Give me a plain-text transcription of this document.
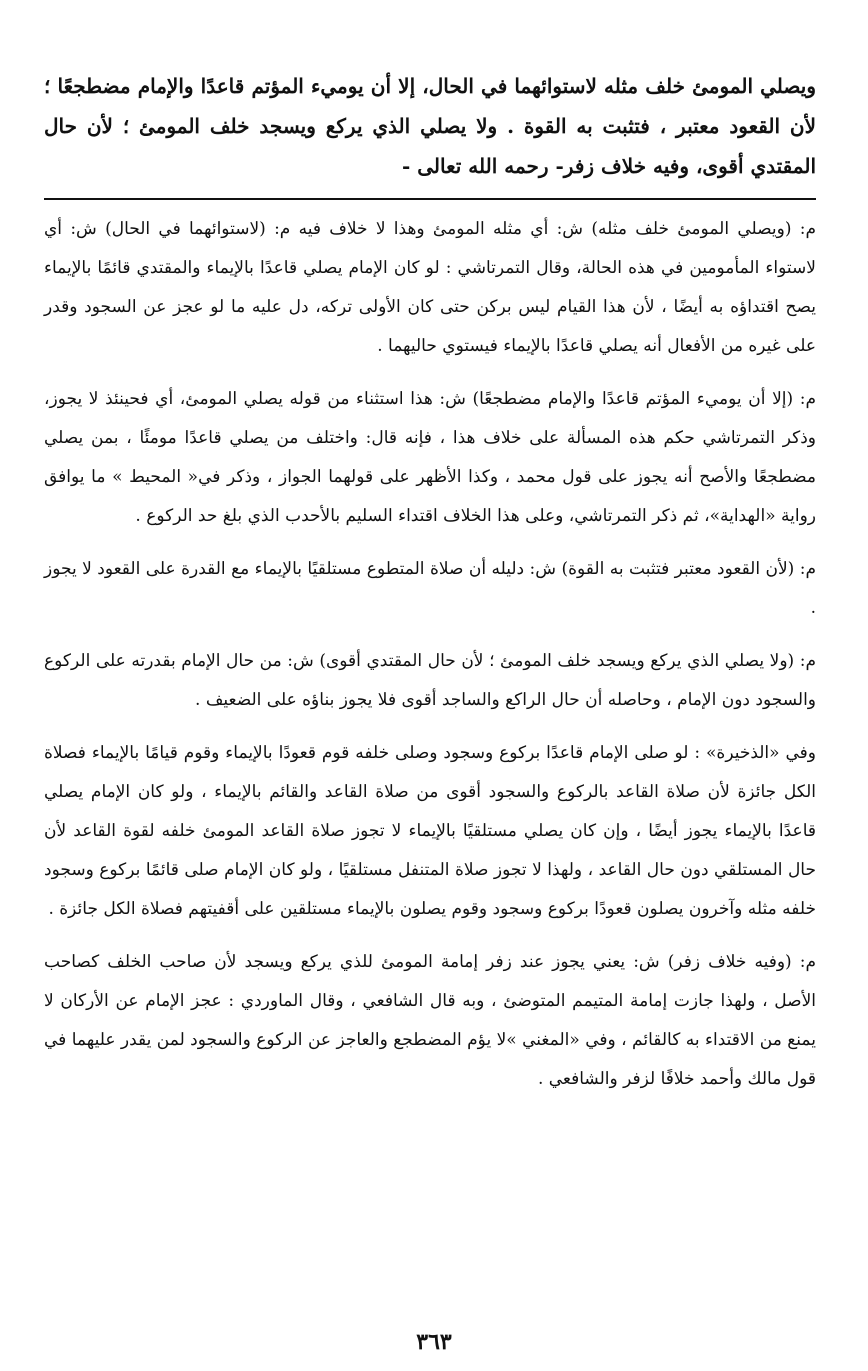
ويصلي المومئ خلف مثله لاستوائهما في الحال، إلا أن يوميء المؤتم قاعدًا والإمام مضطجعًا ؛ لأن القعود معتبر ، فتثبت به القوة . ولا يصلي الذي يركع ويسجد خلف المومئ ؛ لأن حال المقتدي أقوى، وفيه خلاف زفر- رحمه الله تعالى -

م: (ويصلي المومئ خلف مثله) ش: أي مثله المومئ وهذا لا خلاف فيه م: (لاستوائهما في الحال) ش: أي لاستواء المأمومين في هذه الحالة، وقال التمرتاشي : لو كان الإمام يصلي قاعدًا بالإيماء والمقتدي قائمًا بالإيماء يصح اقتداؤه به أيضًا ، لأن هذا القيام ليس بركن حتى كان الأولى تركه، دل عليه ما لو عجز عن السجود وقدر على غيره من الأفعال أنه يصلي قاعدًا بالإيماء فيستوي حاليهما .

م: (إلا أن يوميء المؤتم قاعدًا والإمام مضطجعًا) ش: هذا استثناء من قوله يصلي المومئ، أي فحينئذ لا يجوز، وذكر التمرتاشي حكم هذه المسألة على خلاف هذا ، فإنه قال: واختلف من يصلي قاعدًا مومئًا ، بمن يصلي مضطجعًا والأصح أنه يجوز على قول محمد ، وكذا الأظهر على قولهما الجواز ، وذكر في« المحيط » ما يوافق رواية «الهداية»، ثم ذكر التمرتاشي، وعلى هذا الخلاف اقتداء السليم بالأحدب الذي بلغ حد الركوع .

م: (لأن القعود معتبر فتثبت به القوة) ش: دليله أن صلاة المتطوع مستلقيًا بالإيماء مع القدرة على القعود لا يجوز .

م: (ولا يصلي الذي يركع ويسجد خلف المومئ ؛ لأن حال المقتدي أقوى) ش: من حال الإمام بقدرته على الركوع والسجود دون الإمام ، وحاصله أن حال الراكع والساجد أقوى فلا يجوز بناؤه على الضعيف .

وفي «الذخيرة» : لو صلى الإمام قاعدًا بركوع وسجود وصلى خلفه قوم قعودًا بالإيماء وقوم قيامًا بالإيماء فصلاة الكل جائزة لأن صلاة القاعد بالركوع والسجود أقوى من صلاة القاعد والقائم بالإيماء ، ولو كان الإمام يصلي قاعدًا بالإيماء يجوز أيضًا ، وإن كان يصلي مستلقيًا بالإيماء لا تجوز صلاة القاعد المومئ خلفه لقوة القاعد لأن حال المستلقي دون حال القاعد ، ولهذا لا تجوز صلاة المتنفل مستلقيًا ، ولو كان الإمام صلى قائمًا بركوع وسجود خلفه مثله وآخرون يصلون قعودًا بركوع وسجود وقوم يصلون بالإيماء مستلقين على أقفيتهم فصلاة الكل جائزة .

م: (وفيه خلاف زفر) ش: يعني يجوز عند زفر إمامة المومئ للذي يركع ويسجد لأن صاحب الخلف كصاحب الأصل ، ولهذا جازت إمامة المتيمم المتوضئ ، وبه قال الشافعي ، وقال الماوردي : عجز الإمام عن الأركان لا يمنع من الاقتداء به كالقائم ، وفي «المغني »لا يؤم المضطجع والعاجز عن الركوع والسجود لمن يقدر عليهما في قول مالك وأحمد خلافًا لزفر والشافعي .

٣٦٣
